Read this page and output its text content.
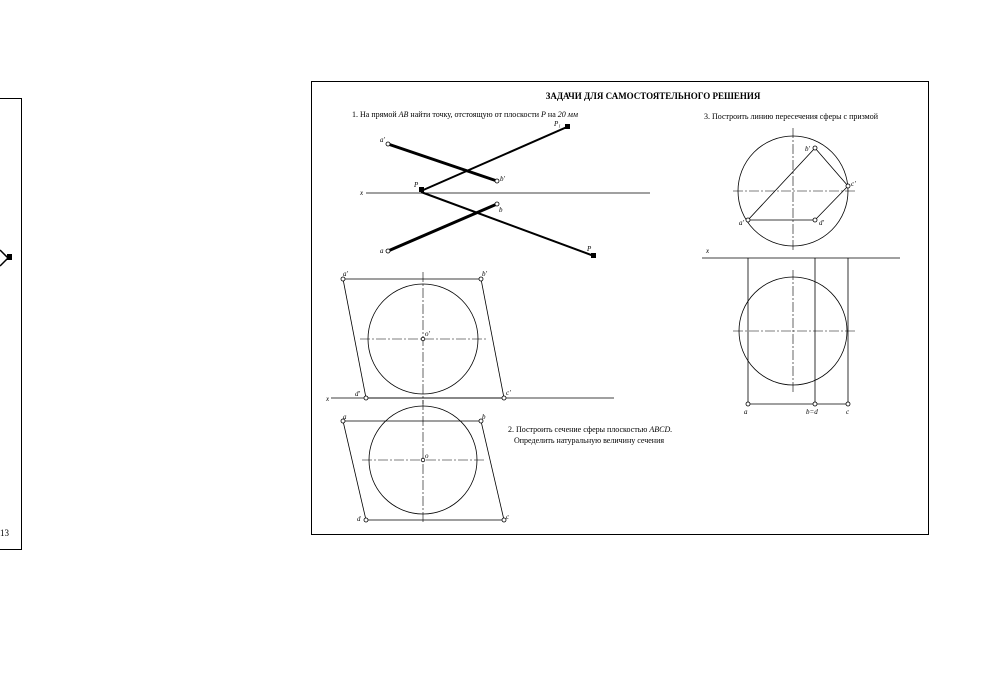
13
ЗАДАЧИ ДЛЯ САМОСТОЯТЕЛЬНОГО РЕШЕНИЯ
1. На прямой AB найти точку, отстоящую от плоскости P на 20 мм	3. Построить линию пересечения сферы с призмой
2. Построить сечение сферы плоскостью ABCD.
Определить натуральную величину сечения
a'
b'
a
b
x
P
P₁
P
a'	b'
o'
d'	c'
x
a	b
o
d	c
b'
c'
d'
a'
x
a	b=d	c
